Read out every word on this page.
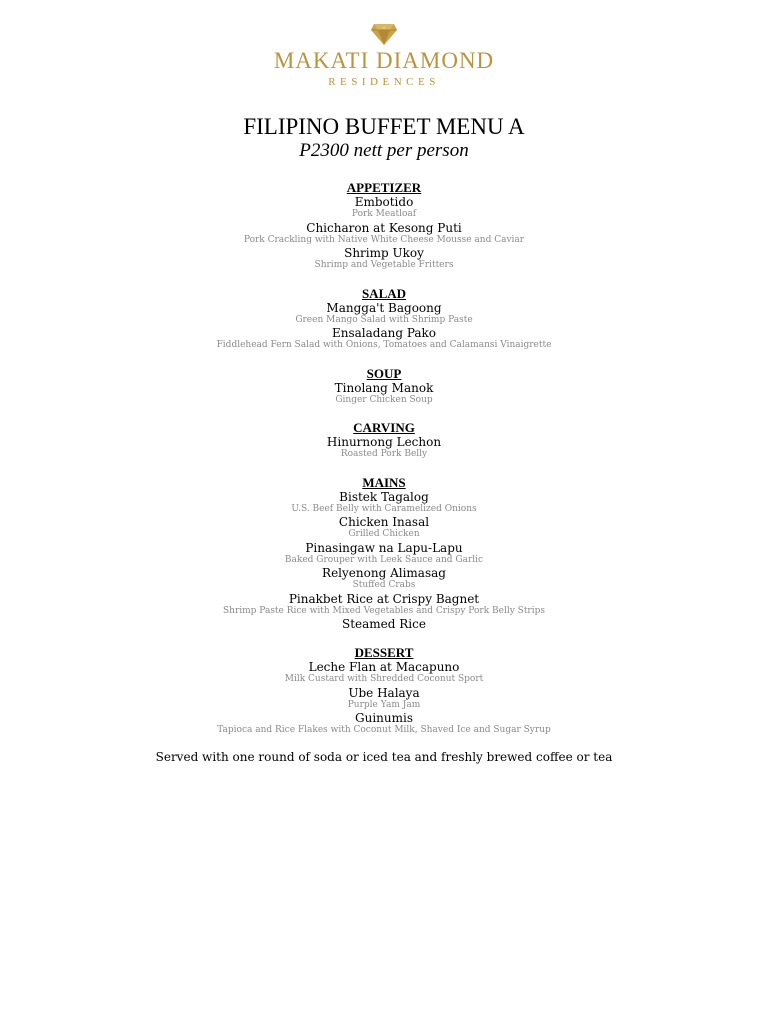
MAKATI DIAMOND
RESIDENCES
FILIPINO BUFFET MENU A
P2300 nett per person
APPETIZER
Embotido
Pork Meatloaf
Chicharon at Kesong Puti
Pork Crackling with Native White Cheese Mousse and Caviar
Shrimp Ukoy
Shrimp and Vegetable Fritters
SALAD
Mangga't Bagoong
Green Mango Salad with Shrimp Paste
Ensaladang Pako
Fiddlehead Fern Salad with Onions, Tomatoes and Calamansi Vinaigrette
SOUP
Tinolang Manok
Ginger Chicken Soup
CARVING
Hinurnong Lechon
Roasted Pork Belly
MAINS
Bistek Tagalog
U.S. Beef Belly with Caramelized Onions
Chicken Inasal
Grilled Chicken
Pinasingaw na Lapu-Lapu
Baked Grouper with Leek Sauce and Garlic
Relyenong Alimasag
Stuffed Crabs
Pinakbet Rice at Crispy Bagnet
Shrimp Paste Rice with Mixed Vegetables and Crispy Pork Belly Strips
Steamed Rice
DESSERT
Leche Flan at Macapuno
Milk Custard with Shredded Coconut Sport
Ube Halaya
Purple Yam Jam
Guinumis
Tapioca and Rice Flakes with Coconut Milk, Shaved Ice and Sugar Syrup
Served with one round of soda or iced tea and freshly brewed coffee or tea
